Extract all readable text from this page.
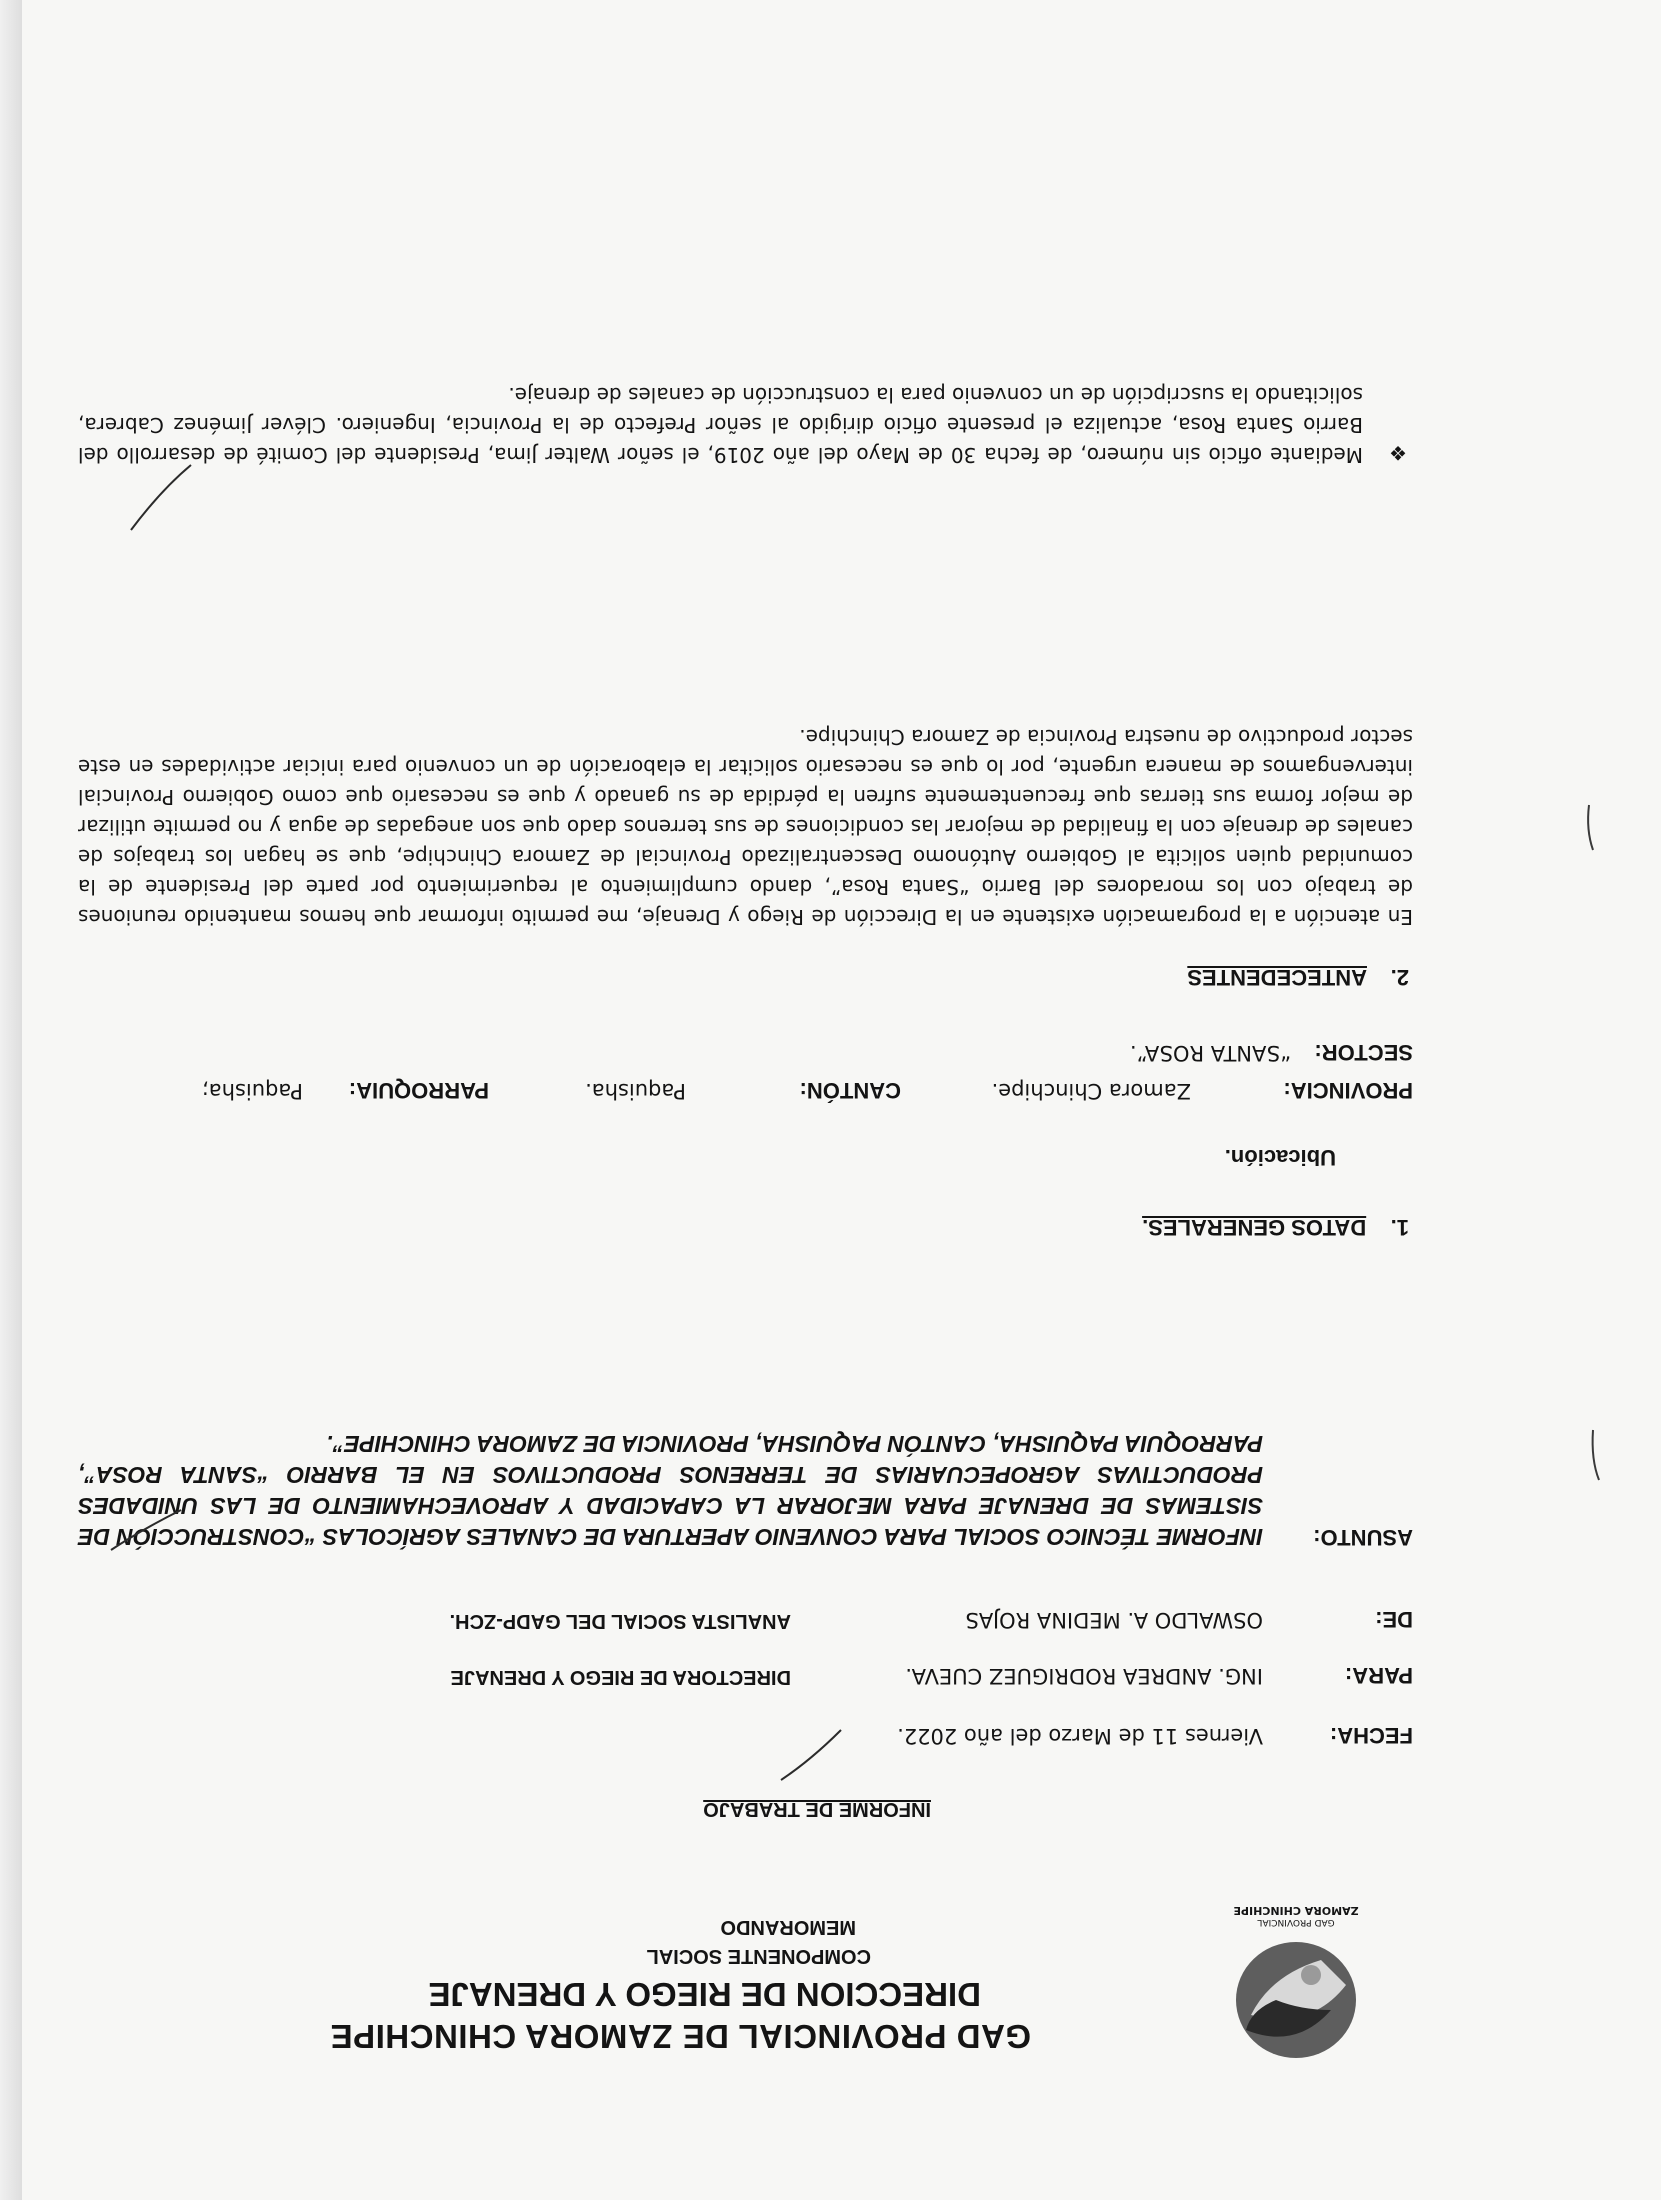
GAD PROVINCIAL
ZAMORA CHINCHIPE
GAD PROVINCIAL DE ZAMORA CHINCHIPE
DIRECCION DE RIEGO Y DRENAJE
COMPONENTE SOCIAL
MEMORANDO
INFORME DE TRABAJO
FECHA:
Viernes 11 de Marzo del año 2022.
PARA:
ING. ANDREA RODRIGUEZ CUEVA.
DIRECTORA DE RIEGO Y DRENAJE
DE:
OSWALDO A. MEDINA ROJAS
ANALISTA SOCIAL DEL GADP-ZCH.
ASUNTO:
INFORME TÉCNICO SOCIAL PARA CONVENIO APERTURA DE CANALES AGRÍCOLAS “CONSTRUCCIÓN DE SISTEMAS DE DRENAJE PARA MEJORAR LA CAPACIDAD Y APROVECHAMIENTO DE LAS UNIDADES PRODUCTIVAS AGROPECUARIAS DE TERRENOS PRODUCTIVOS EN EL BARRIO “SANTA ROSA”, PARROQUIA PAQUISHA, CANTÓN PAQUISHA, PROVINCIA DE ZAMORA CHINCHIPE”.
1.    DATOS GENERALES.
Ubicación.
PROVINCIA:
Zamora Chinchipe.
CANTÓN:
Paquisha.
PARROQUIA:
Paquisha;
SECTOR:
“SANTA ROSA”.
2.    ANTECEDENTES
En atención a la programación existente en la Dirección de Riego y Drenaje, me permito informar que hemos mantenido reuniones de trabajo con los moradores del Barrio “Santa Rosa”, dando cumplimiento al requerimiento por parte del Presidente de la comunidad quien solicita al Gobierno Autónomo Descentralizado Provincial de Zamora Chinchipe, que se hagan los trabajos de canales de drenaje con la finalidad de mejorar las condiciones de sus terrenos dado que son anegadas de agua y no permite utilizar de mejor forma sus tierras que frecuentemente sufren la pérdida de su ganado y que es necesario que como Gobierno Provincial intervengamos de manera urgente, por lo que es necesario solicitar la elaboración de un convenio para iniciar actividades en este sector productivo de nuestra Provincia de Zamora Chinchipe.
❖
Mediante oficio sin número, de fecha 30 de Mayo del año 2019, el señor Walter Jima, Presidente del Comité de desarrollo del Barrio Santa Rosa, actualiza el presente oficio dirigido al señor Prefecto de la Provincia, Ingeniero. Cléver Jiménez Cabrera, solicitando la suscripción de un convenio para la construcción de canales de drenaje.
